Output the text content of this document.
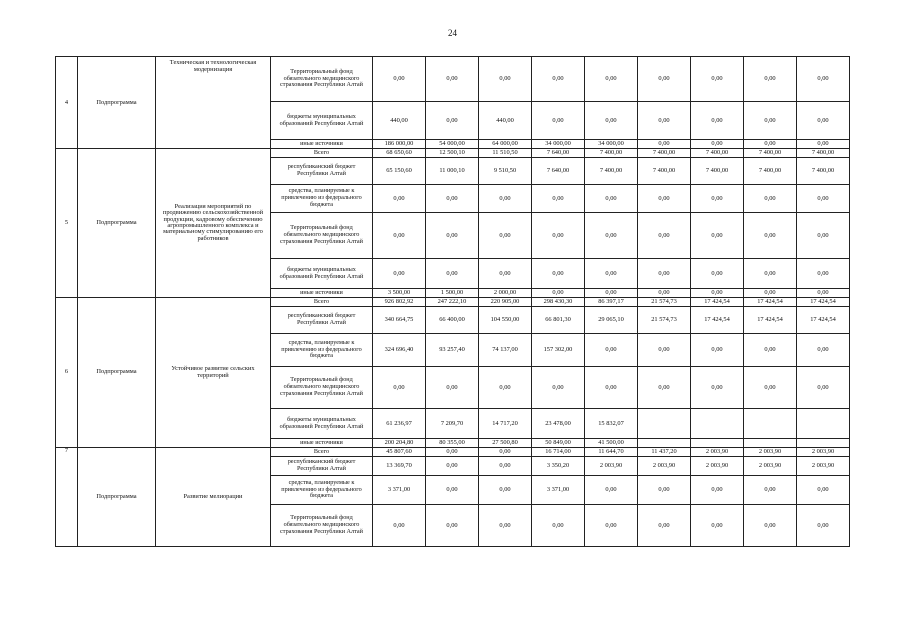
24
4	Подпрограмма	Техническая и технологическая модернизация	Территориальный фонд обязательного медицинского страхования Республики Алтай	0,00	0,00	0,00	0,00	0,00	0,00	0,00	0,00	0,00
			бюджеты муниципальных образований Республики Алтай	440,00	0,00	440,00	0,00	0,00	0,00	0,00	0,00	0,00
			иные источники	186 000,00	54 000,00	64 000,00	34 000,00	34 000,00	0,00	0,00	0,00	0,00
5	Подпрограмма	Реализация мероприятий по продвижению сельскохозяйственной продукции, кадровому обеспечению агропромышленного комплекса и материальному стимулированию его работников	Всего	68 650,60	12 500,10	11 510,50	7 640,00	7 400,00	7 400,00	7 400,00	7 400,00	7 400,00
			республиканский бюджет Республики Алтай	65 150,60	11 000,10	9 510,50	7 640,00	7 400,00	7 400,00	7 400,00	7 400,00	7 400,00
			средства, планируемые к привлечению из федерального бюджета	0,00	0,00	0,00	0,00	0,00	0,00	0,00	0,00	0,00
			Территориальный фонд обязательного медицинского страхования Республики Алтай	0,00	0,00	0,00	0,00	0,00	0,00	0,00	0,00	0,00
			бюджеты муниципальных образований Республики Алтай	0,00	0,00	0,00	0,00	0,00	0,00	0,00	0,00	0,00
			иные источники	3 500,00	1 500,00	2 000,00	0,00	0,00	0,00	0,00	0,00	0,00
6	Подпрограмма	Устойчивое развитие сельских территорий	Всего	926 802,92	247 222,10	220 905,00	298 430,30	86 397,17	21 574,73	17 424,54	17 424,54	17 424,54
			республиканский бюджет Республики Алтай	340 664,75	66 400,00	104 550,00	66 801,30	29 065,10	21 574,73	17 424,54	17 424,54	17 424,54
			средства, планируемые к привлечению из федерального бюджета	324 696,40	93 257,40	74 137,00	157 302,00	0,00	0,00	0,00	0,00	0,00
			Территориальный фонд обязательного медицинского страхования Республики Алтай	0,00	0,00	0,00	0,00	0,00	0,00	0,00	0,00	0,00
			бюджеты муниципальных образований Республики Алтай	61 236,97	7 209,70	14 717,20	23 478,00	15 832,07				
			иные источники	200 204,80	80 355,00	27 500,80	50 849,00	41 500,00				
7	Подпрограмма	Развитие мелиорации	Всего	45 807,60	0,00	0,00	16 714,00	11 644,70	11 437,20	2 003,90	2 003,90	2 003,90
			республиканский бюджет Республики Алтай	13 369,70	0,00	0,00	3 350,20	2 003,90	2 003,90	2 003,90	2 003,90	2 003,90
			средства, планируемые к привлечению из федерального бюджета	3 371,00	0,00	0,00	3 371,00	0,00	0,00	0,00	0,00	0,00
			Территориальный фонд обязательного медицинского страхования Республики Алтай	0,00	0,00	0,00	0,00	0,00	0,00	0,00	0,00	0,00
